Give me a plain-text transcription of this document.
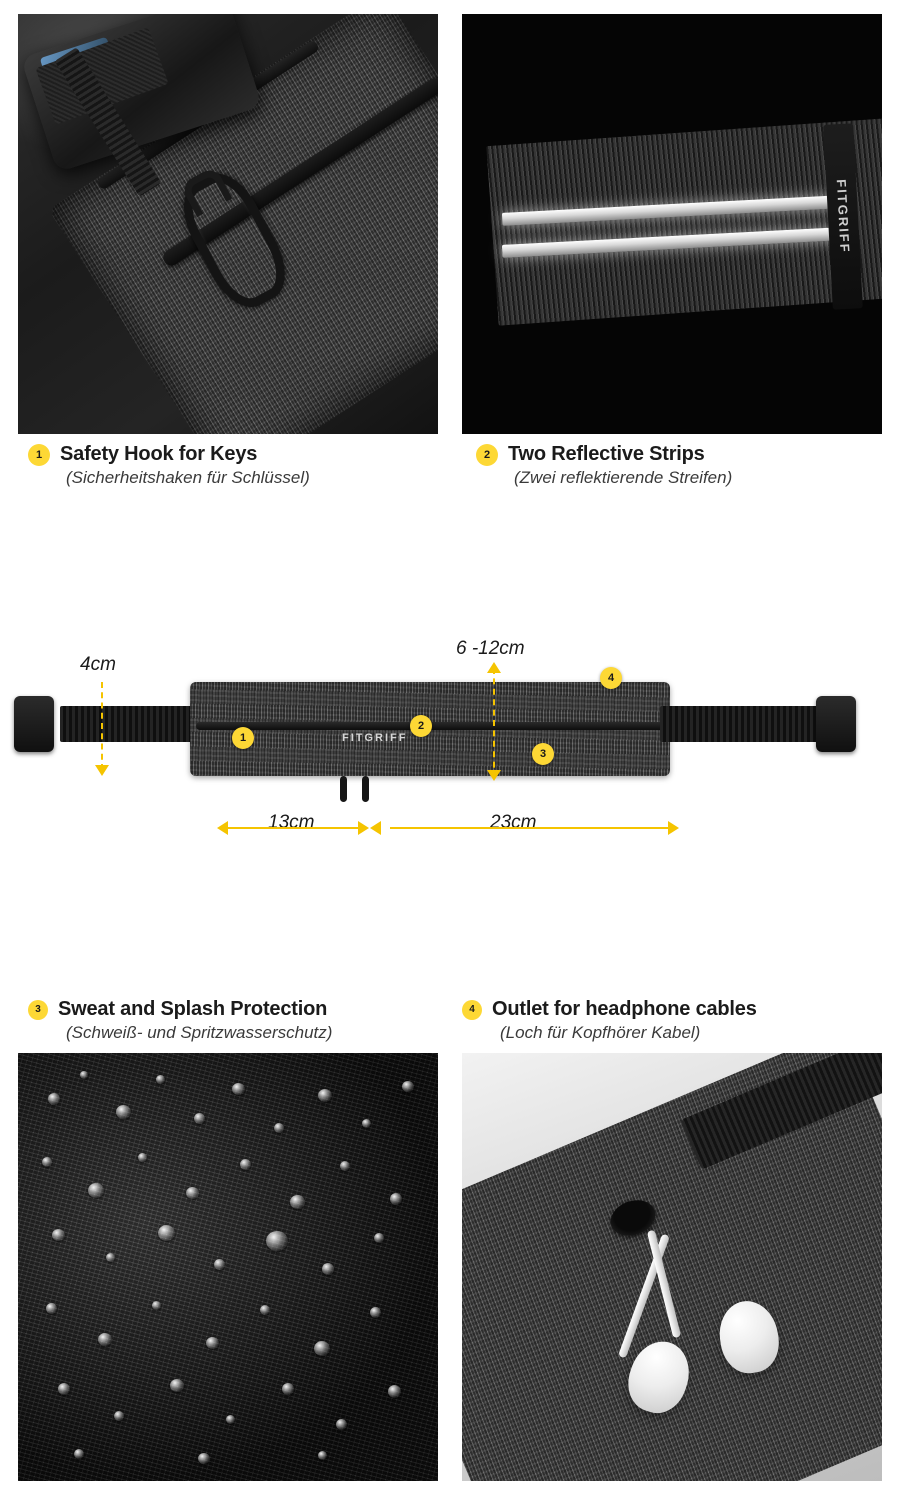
FITGRIFF
1 Safety Hook for Keys
(Sicherheitshaken für Schlüssel)
2 Two Reflective Strips
(Zwei reflektierende Streifen)
FITGRIFF
1
2
3
4
4cm
6 -12cm
13cm	23cm
3 Sweat and Splash Protection
(Schweiß- und Spritzwasserschutz)
4 Outlet for headphone cables
(Loch für Kopfhörer Kabel)
